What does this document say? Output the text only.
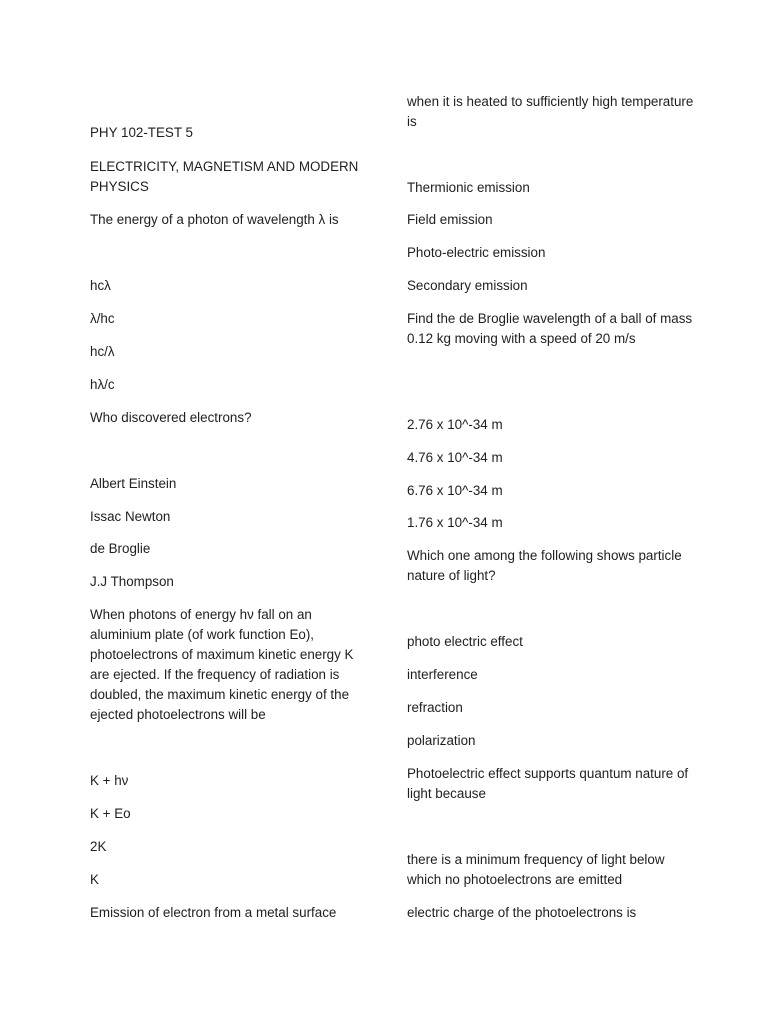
PHY 102-TEST 5

ELECTRICITY, MAGNETISM AND MODERN PHYSICS

The energy of a photon of wavelength λ is

hcλ

λ/hc

hc/λ

hλ/c

Who discovered electrons?

Albert Einstein

Issac Newton

de Broglie

J.J Thompson

When photons of energy hν fall on an aluminium plate (of work function Eo), photoelectrons of maximum kinetic energy K are ejected. If the frequency of radiation is doubled, the maximum kinetic energy of the ejected photoelectrons will be

K + hν

K + Eo

2K

K

Emission of electron from a metal surface

when it is heated to sufficiently high temperature is

Thermionic emission

Field emission

Photo-electric emission

Secondary emission

Find the de Broglie wavelength of a ball of mass 0.12 kg moving with a speed of 20 m/s

2.76 x 10^-34 m

4.76 x 10^-34 m

6.76 x 10^-34 m

1.76 x 10^-34 m

Which one among the following shows particle nature of light?

photo electric effect

interference

refraction

polarization

Photoelectric effect supports quantum nature of light because

there is a minimum frequency of light below which no photoelectrons are emitted

electric charge of the photoelectrons is
